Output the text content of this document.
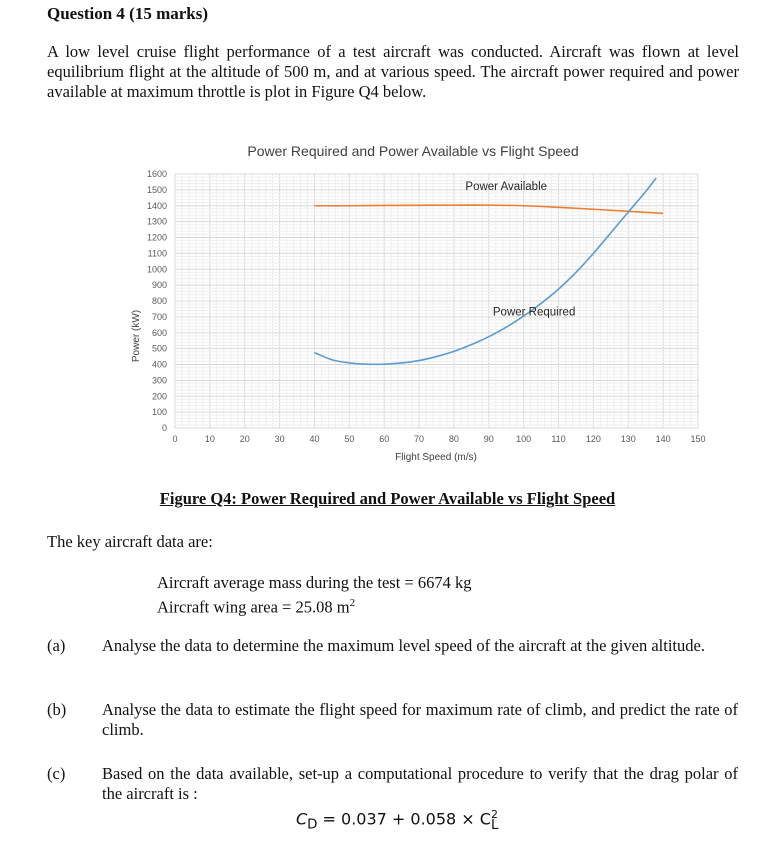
Question 4 (15 marks)
A low level cruise flight performance of a test aircraft was conducted. Aircraft was flown at level equilibrium flight at the altitude of 500 m, and at various speed. The aircraft power required and power available at maximum throttle is plot in Figure Q4 below.
Power Required and Power Available vs Flight Speed
0
100
200
300
400
500
600
700
800
900
1000
1100
1200
1300
1400
1500
1600
0	10	20	30	40	50	60	70	80	90 100 110 120 130 140 150
Power Available
Power Required
Power (kW)
Flight Speed (m/s)
Figure Q4: Power Required and Power Available vs Flight Speed
The key aircraft data are:
Aircraft average mass during the test = 6674 kg
Aircraft wing area = 25.08 $m^2$
(a) Analyse the data to determine the maximum level speed of the aircraft at the given altitude.
(b) Analyse the data to estimate the flight speed for maximum rate of climb, and predict the rate of climb.
(c) Based on the data available, set-up a computational procedure to verify that the drag polar of the aircraft is :
$C_D = 0.037 + 0.058 \times C^2_L$
